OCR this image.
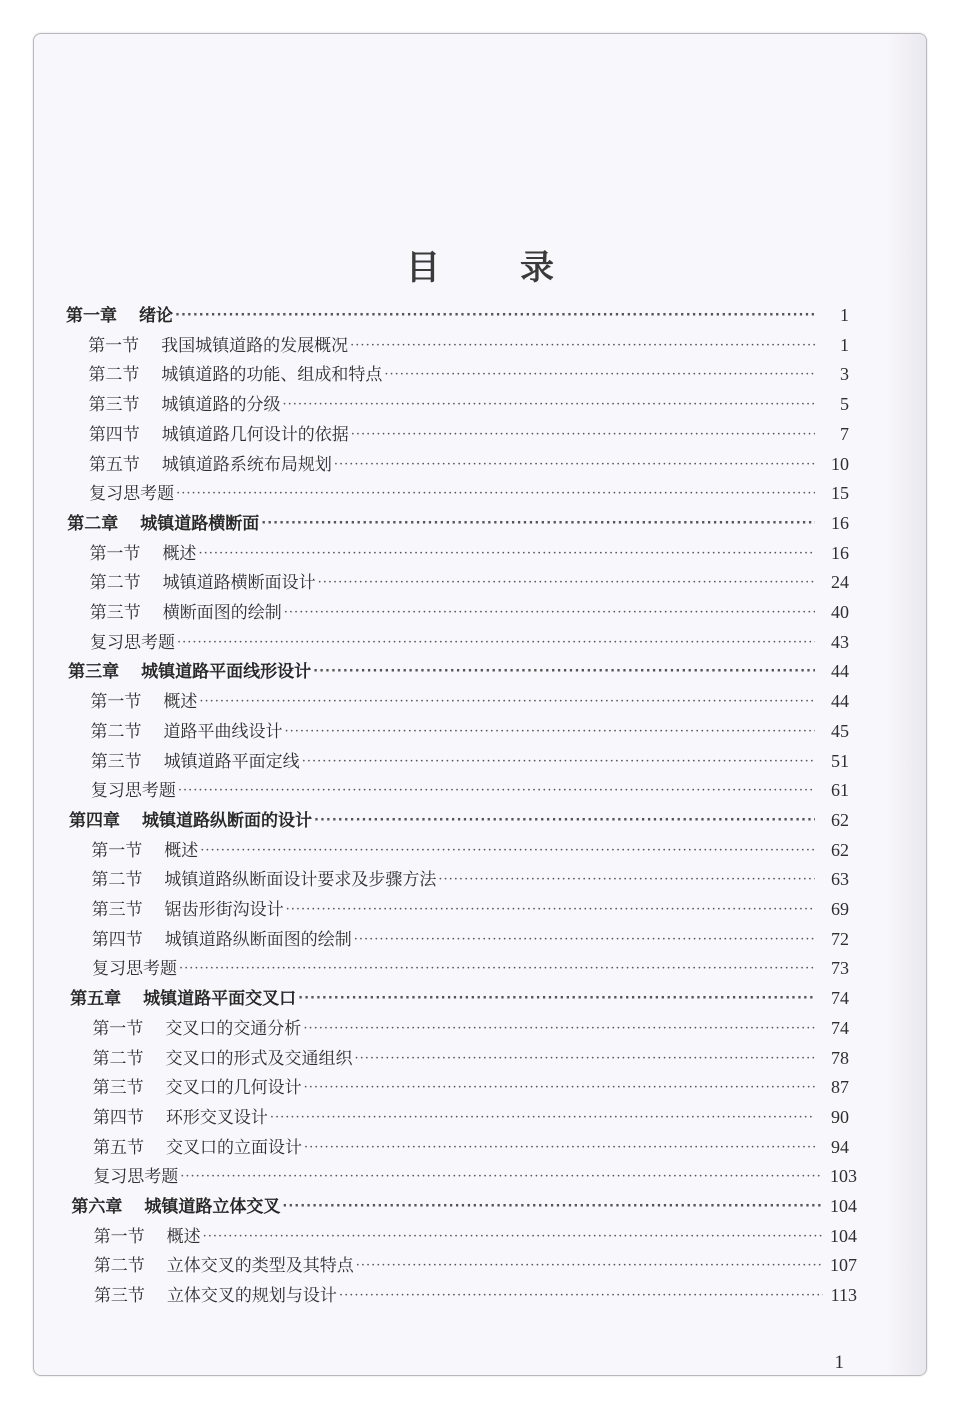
目 录
第一章 绪论 ·····	1
第一节 我国城镇道路的发展概况 ·····	1
第二节 城镇道路的功能、组成和特点 ·····	3
第三节 城镇道路的分级 ·····	5
第四节 城镇道路几何设计的依据 ·····	7
第五节 城镇道路系统布局规划 ·····	10
复习思考题 ·····	15
第二章 城镇道路横断面 ·····	16
第一节 概述 ·····	16
第二节 城镇道路横断面设计 ·····	24
第三节 横断面图的绘制 ·····	40
复习思考题 ·····	43
第三章 城镇道路平面线形设计 ·····	44
第一节 概述 ·····	44
第二节 道路平曲线设计 ·····	45
第三节 城镇道路平面定线 ·····	51
复习思考题 ·····	61
第四章 城镇道路纵断面的设计 ·····	62
第一节 概述 ·····	62
第二节 城镇道路纵断面设计要求及步骤方法 ·····	63
第三节 锯齿形街沟设计 ·····	69
第四节 城镇道路纵断面图的绘制 ·····	72
复习思考题 ·····	73
第五章 城镇道路平面交叉口 ·····	74
第一节 交叉口的交通分析 ·····	74
第二节 交叉口的形式及交通组织 ·····	78
第三节 交叉口的几何设计 ·····	87
第四节 环形交叉设计 ·····	90
第五节 交叉口的立面设计 ·····	94
复习思考题 ·····	103
第六章 城镇道路立体交叉 ·····	104
第一节 概述 ·····	104
第二节 立体交叉的类型及其特点 ·····	107
第三节 立体交叉的规划与设计 ·····	113
1
